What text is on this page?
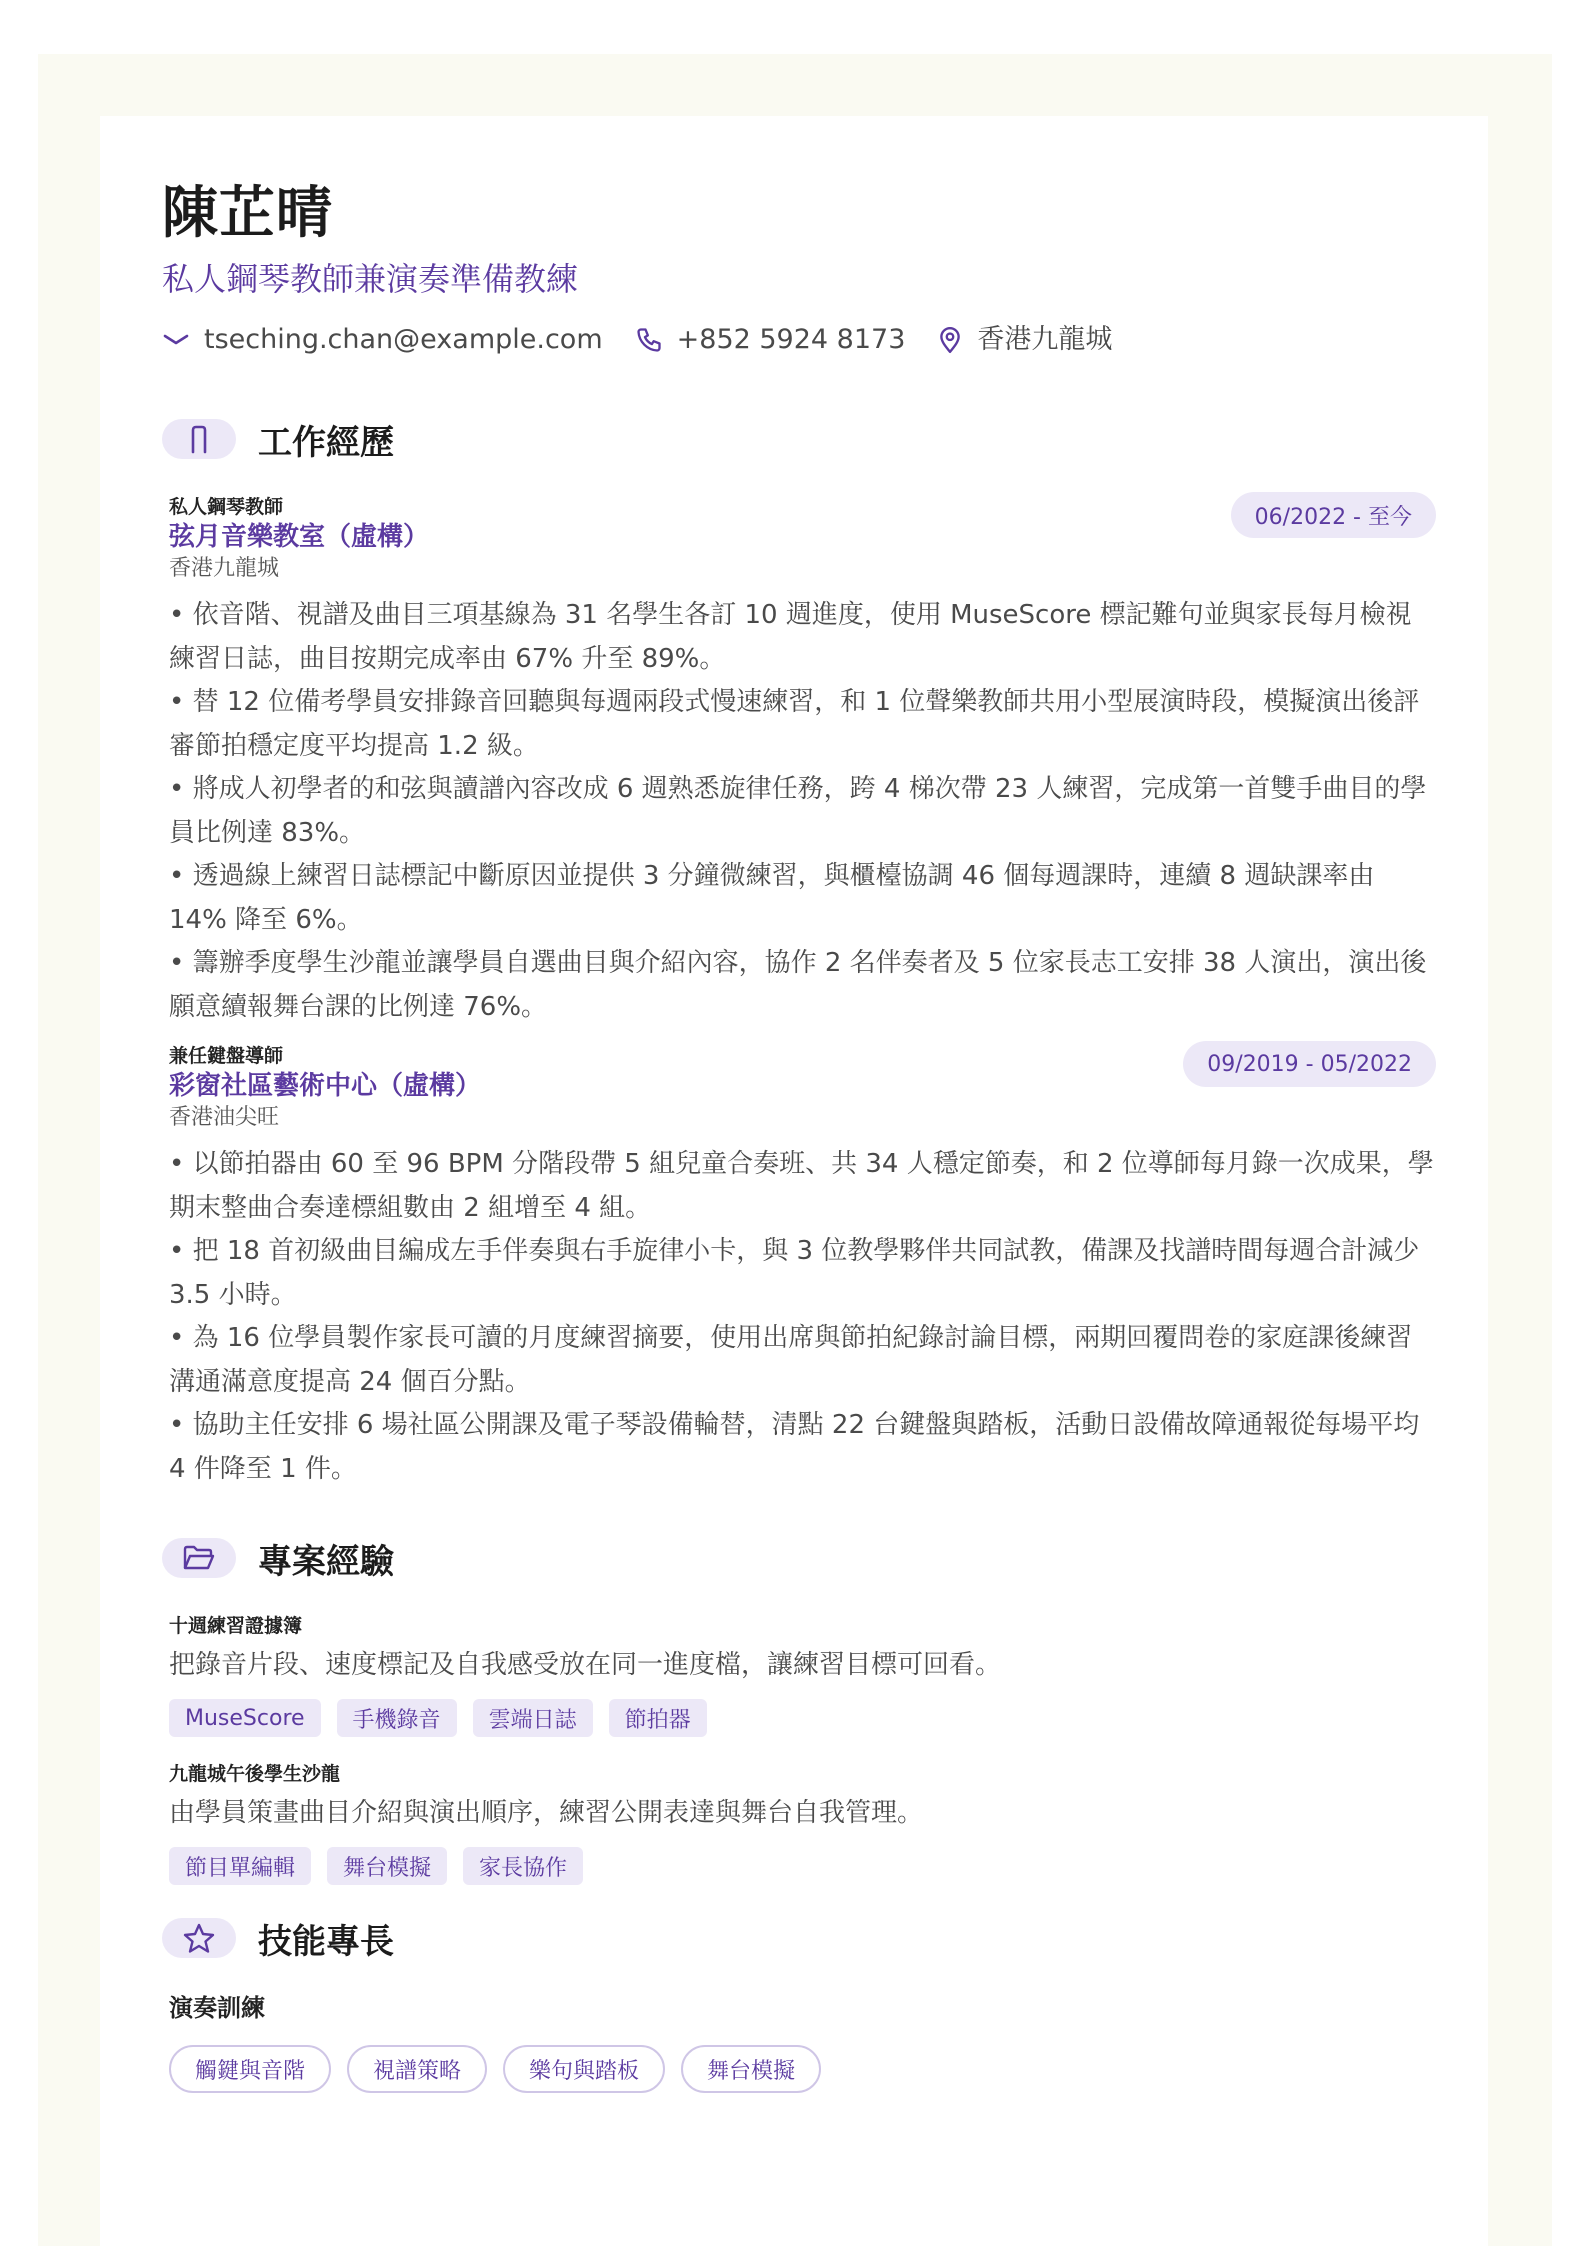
陳芷晴
私人鋼琴教師兼演奏準備教練
tseching.chan@example.com	+852 5924 8173	香港九龍城
工作經歷
私人鋼琴教師
弦月音樂教室（虛構）
香港九龍城
06/2022 - 至今
• 依音階、視譜及曲目三項基線為 31 名學生各訂 10 週進度，使用 MuseScore 標記難句並與家長每月檢視練習日誌，曲目按期完成率由 67% 升至 89%。
• 替 12 位備考學員安排錄音回聽與每週兩段式慢速練習，和 1 位聲樂教師共用小型展演時段，模擬演出後評審節拍穩定度平均提高 1.2 級。
• 將成人初學者的和弦與讀譜內容改成 6 週熟悉旋律任務，跨 4 梯次帶 23 人練習，完成第一首雙手曲目的學員比例達 83%。
• 透過線上練習日誌標記中斷原因並提供 3 分鐘微練習，與櫃檯協調 46 個每週課時，連續 8 週缺課率由 14% 降至 6%。
• 籌辦季度學生沙龍並讓學員自選曲目與介紹內容，協作 2 名伴奏者及 5 位家長志工安排 38 人演出，演出後願意續報舞台課的比例達 76%。
兼任鍵盤導師
彩窗社區藝術中心（虛構）
香港油尖旺
09/2019 - 05/2022
• 以節拍器由 60 至 96 BPM 分階段帶 5 組兒童合奏班、共 34 人穩定節奏，和 2 位導師每月錄一次成果，學期末整曲合奏達標組數由 2 組增至 4 組。
• 把 18 首初級曲目編成左手伴奏與右手旋律小卡，與 3 位教學夥伴共同試教，備課及找譜時間每週合計減少 3.5 小時。
• 為 16 位學員製作家長可讀的月度練習摘要，使用出席與節拍紀錄討論目標，兩期回覆問卷的家庭課後練習溝通滿意度提高 24 個百分點。
• 協助主任安排 6 場社區公開課及電子琴設備輪替，清點 22 台鍵盤與踏板，活動日設備故障通報從每場平均 4 件降至 1 件。
專案經驗
十週練習證據簿
把錄音片段、速度標記及自我感受放在同一進度檔，讓練習目標可回看。
MuseScore	手機錄音	雲端日誌	節拍器
九龍城午後學生沙龍
由學員策畫曲目介紹與演出順序，練習公開表達與舞台自我管理。
節目單編輯	舞台模擬	家長協作
技能專長
演奏訓練
觸鍵與音階	視譜策略	樂句與踏板	舞台模擬
